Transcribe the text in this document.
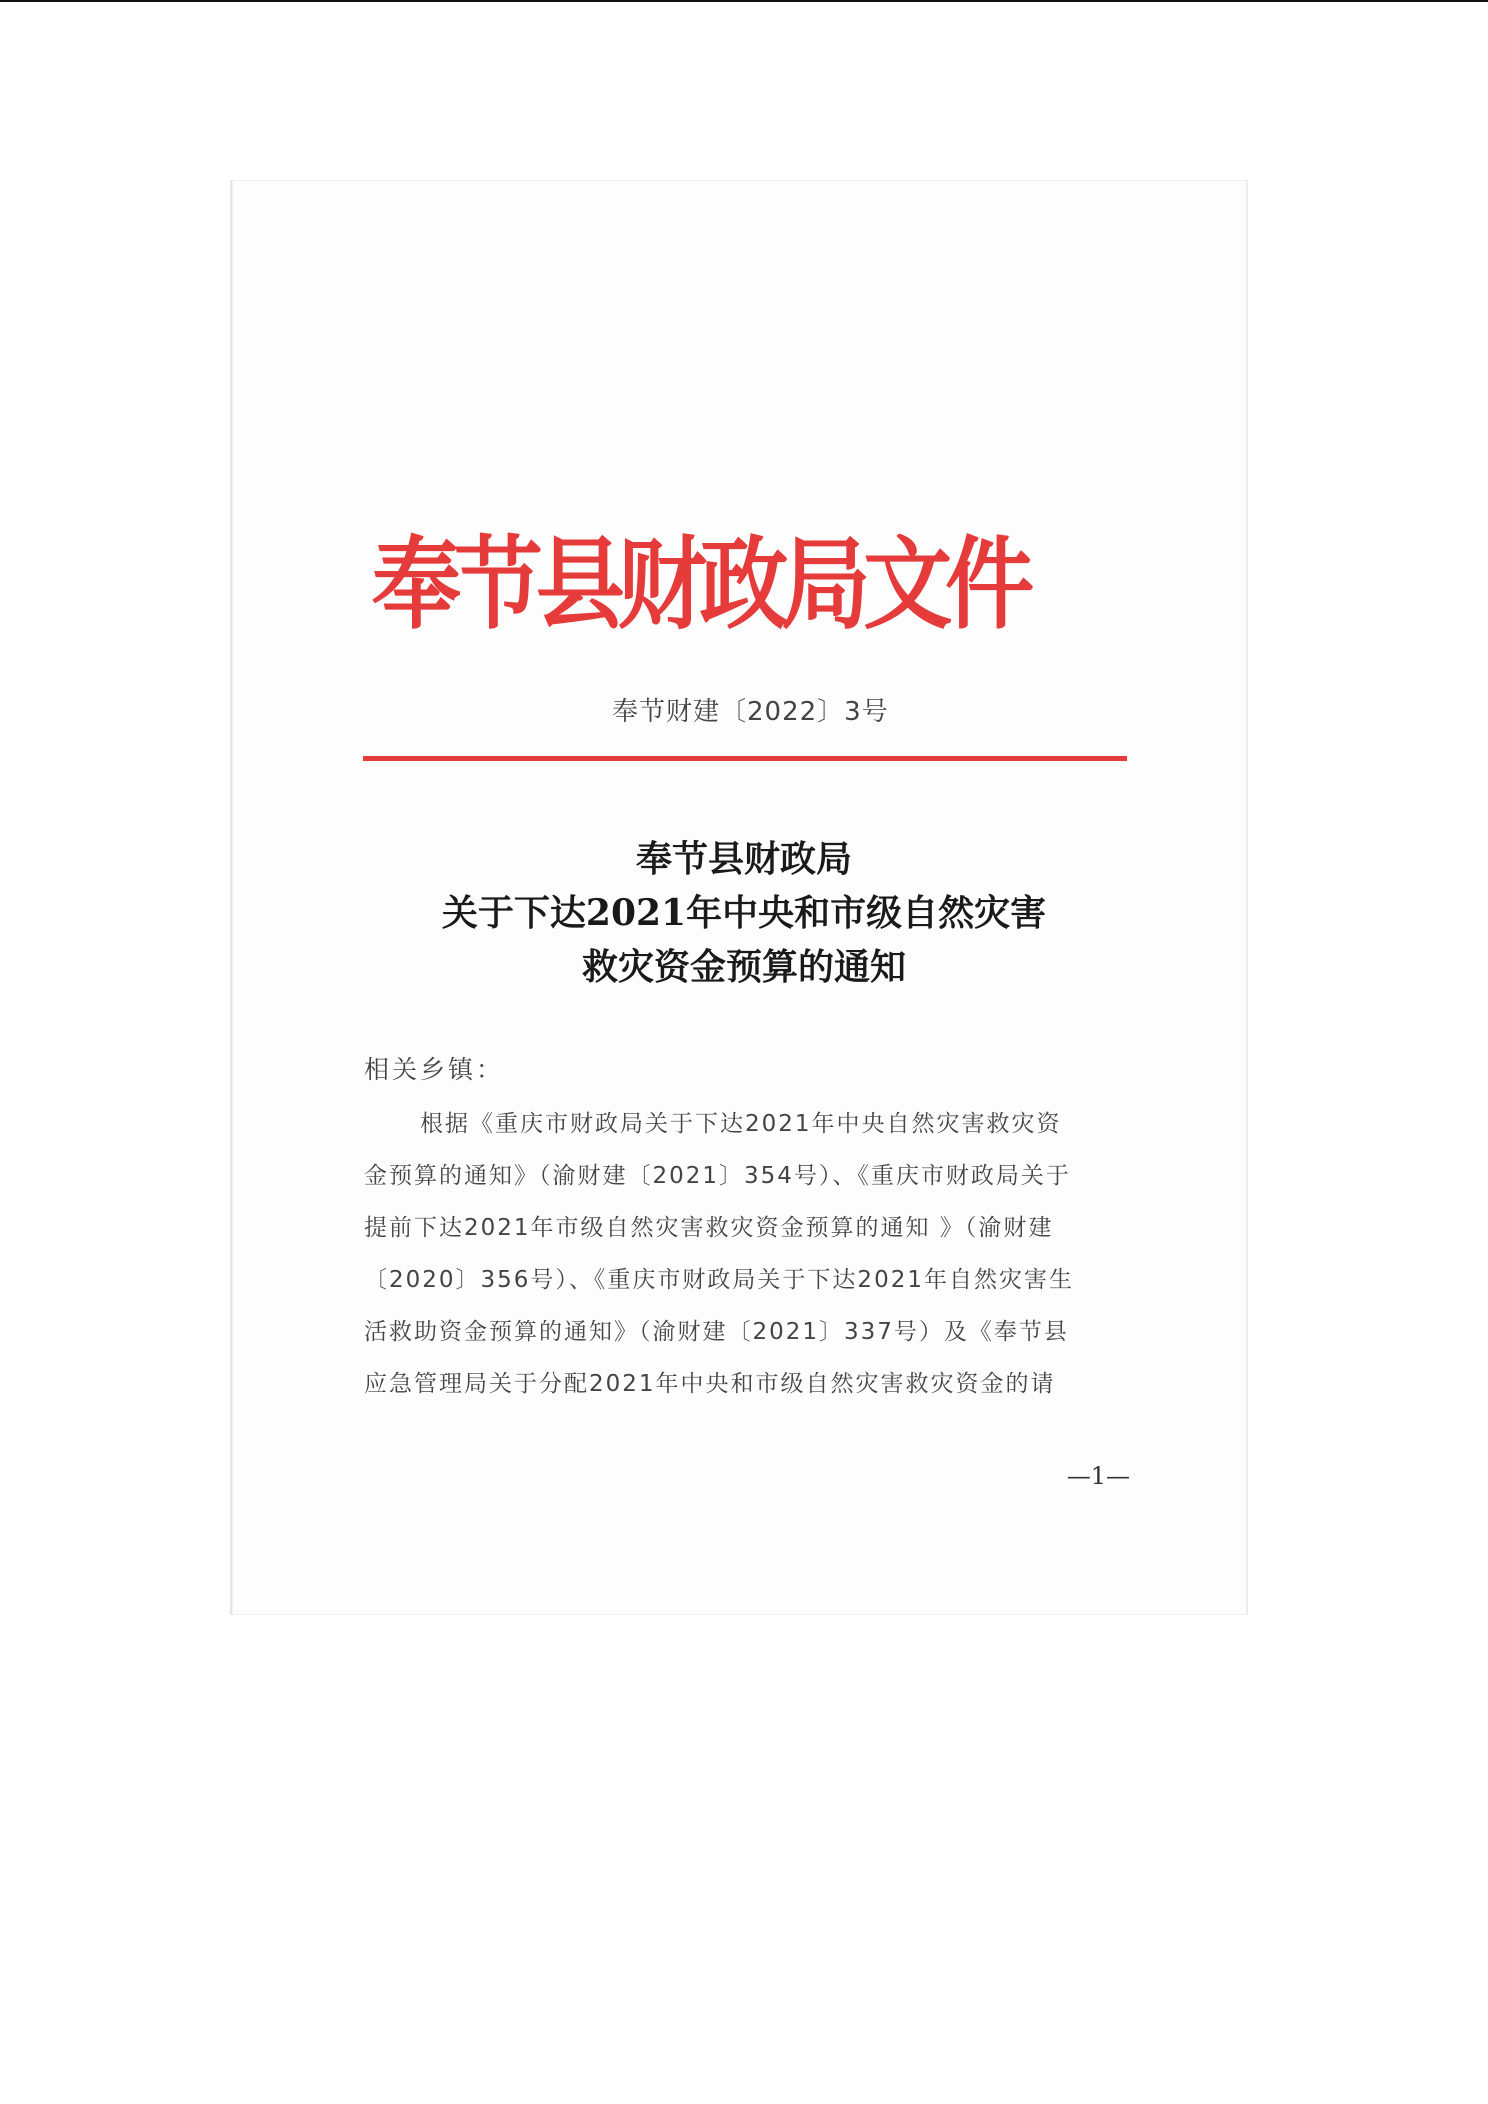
奉节县财政局文件
奉节财建〔2022〕3号
奉节县财政局
关于下达2021年中央和市级自然灾害
救灾资金预算的通知
相关乡镇：
根据《重庆市财政局关于下达2021年中央自然灾害救灾资
金预算的通知》（渝财建〔2021〕354号）、《重庆市财政局关于
提前下达2021年市级自然灾害救灾资金预算的通知 》（渝财建
〔2020〕356号）、《重庆市财政局关于下达2021年自然灾害生
活救助资金预算的通知》（渝财建〔2021〕337号）及《奉节县
应急管理局关于分配2021年中央和市级自然灾害救灾资金的请
—1—
